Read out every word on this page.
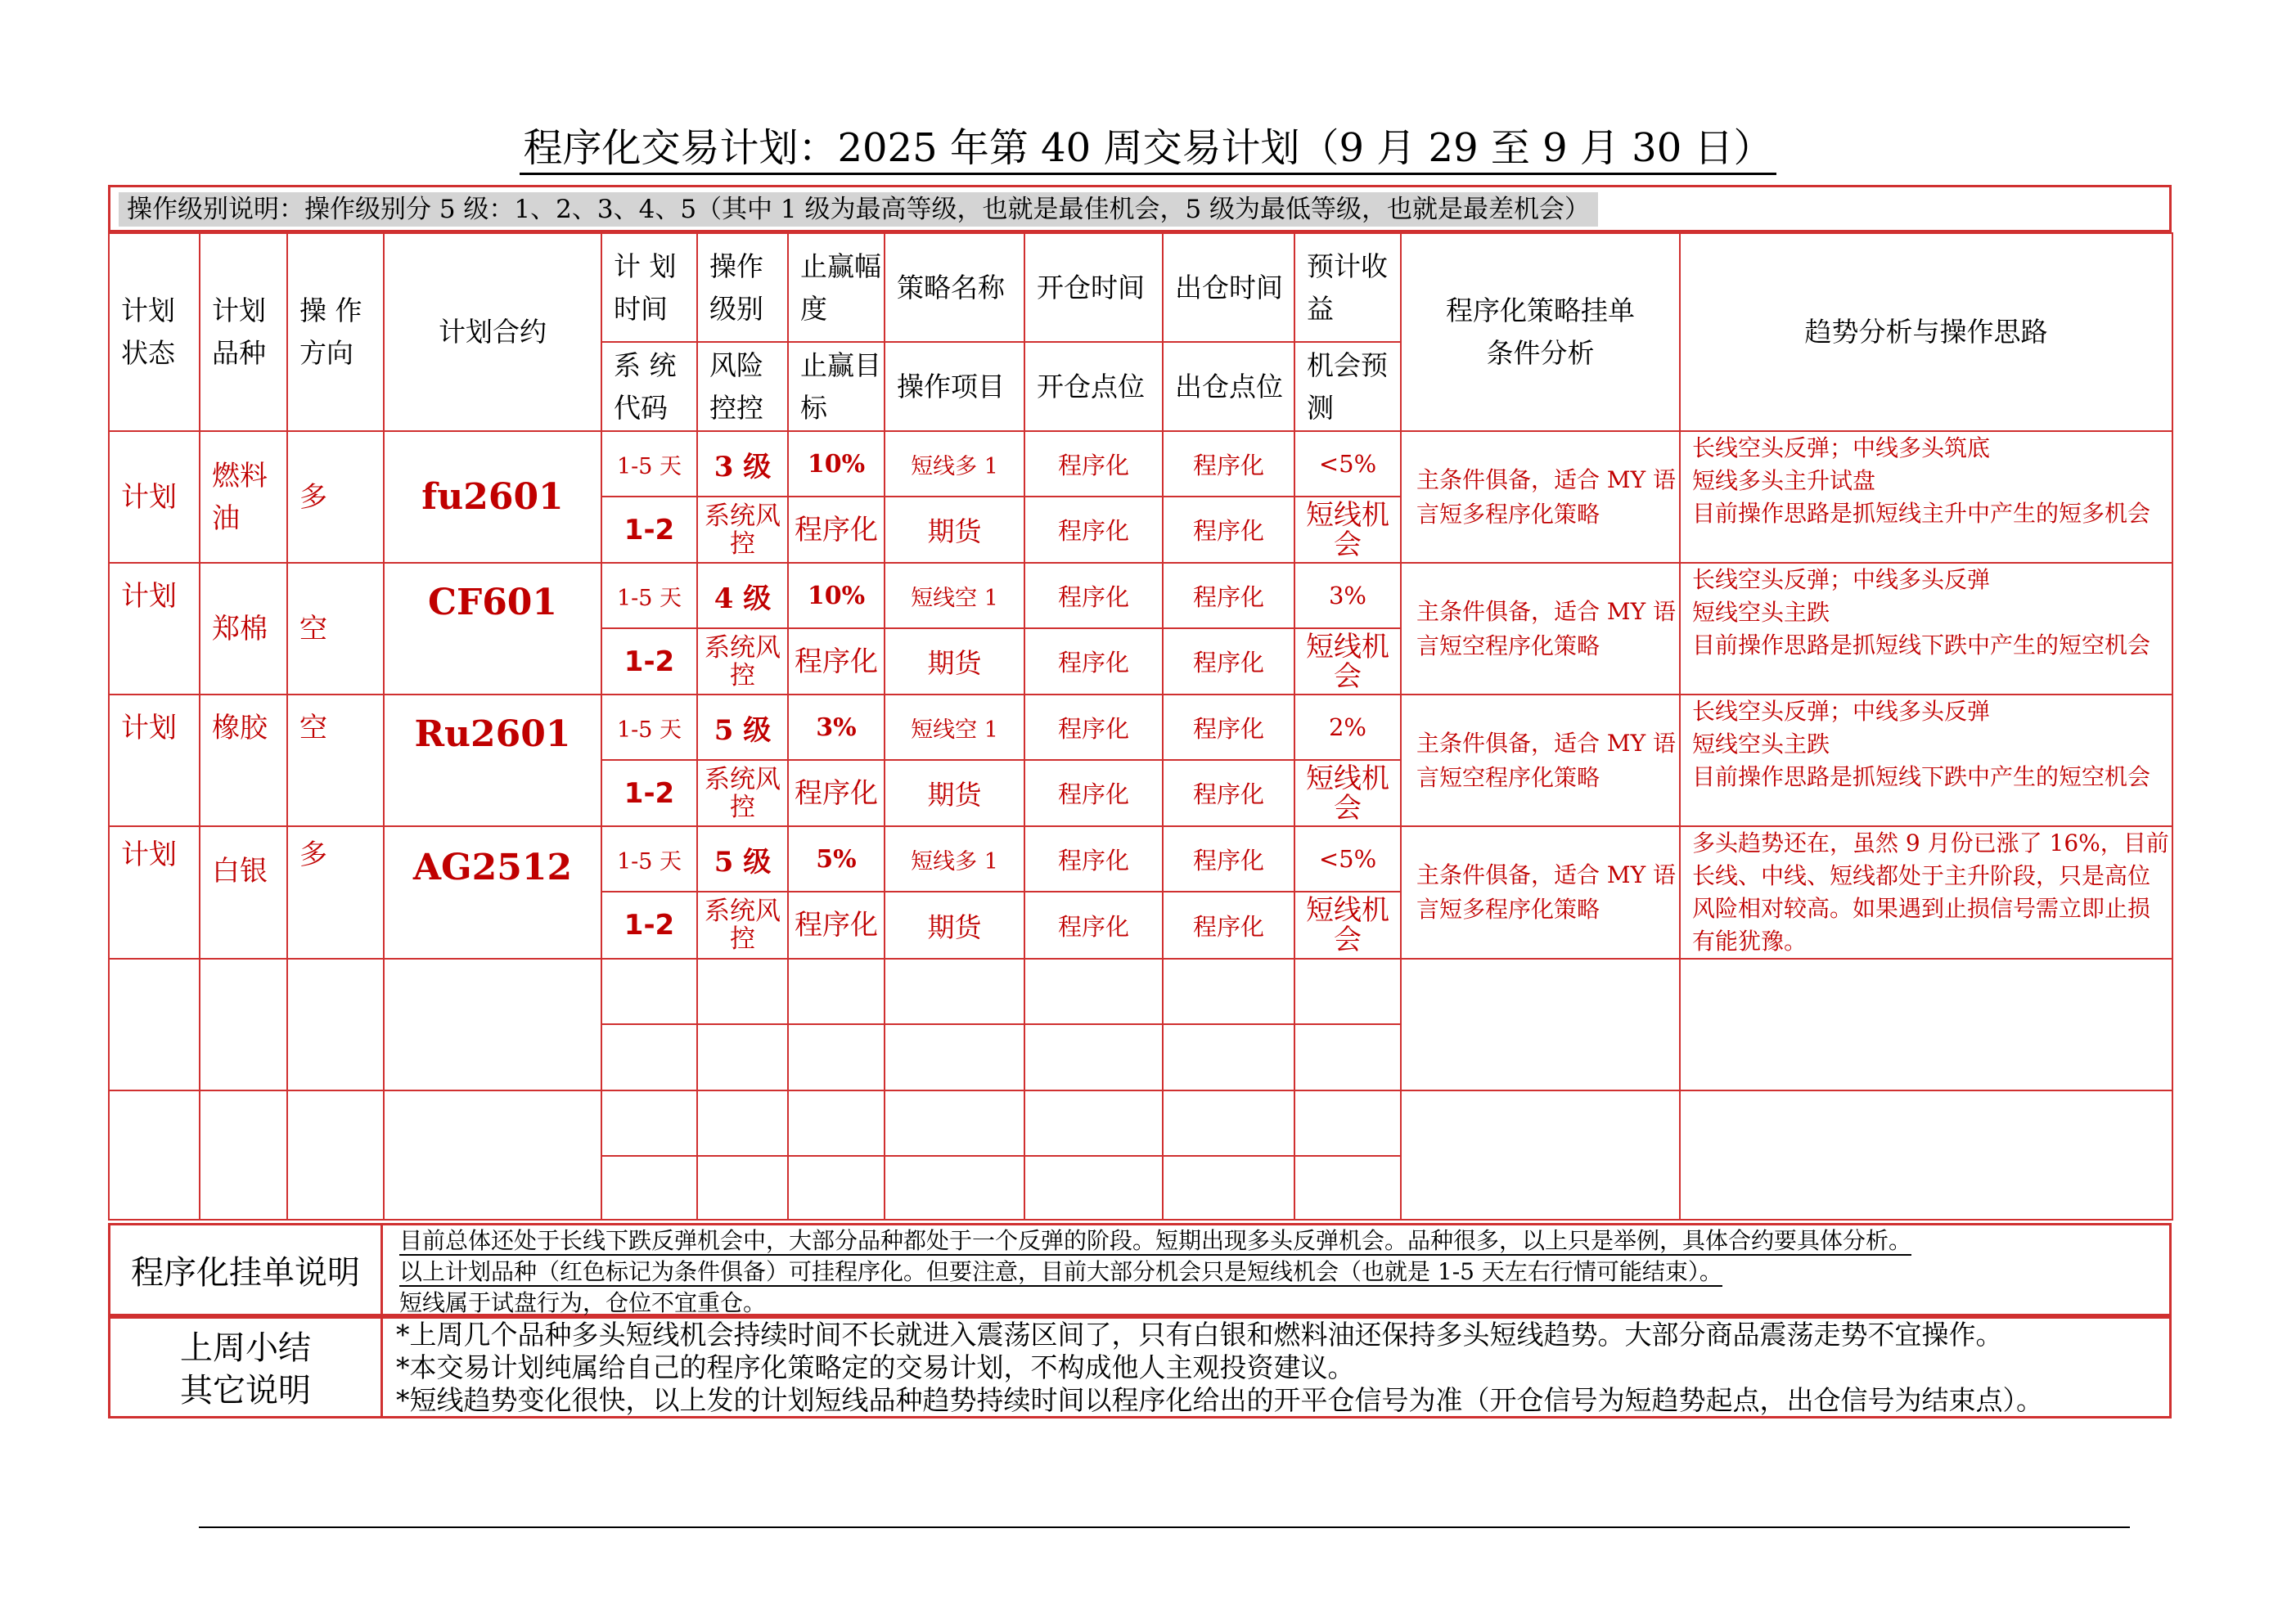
程序化交易计划：2025 年第 40 周交易计划（9 月 29 至 9 月 30 日）
操作级别说明：操作级别分 5 级：1、2、3、4、5（其中 1 级为最高等级，也就是最佳机会，5 级为最低等级，也就是最差机会）
计划状态	计划品种	操 作方向	计划合约	计 划时间	操作级别	止赢幅度	策略名称	开仓时间	出仓时间	预计收益	程序化策略挂单条件分析	趋势分析与操作思路
				系 统代码	风险控控	止赢目标	操作项目	开仓点位	出仓点位	机会预测		
计划	燃料油	多	fu2601	1-5 天	3 级	10%	短线多 1	程序化	程序化	<5%	主条件俱备，适合 MY 语言短多程序化策略	长线空头反弹；中线多头筑底
短线多头主升试盘
目前操作思路是抓短线主升中产生的短多机会
				1-2	系统风控	程序化	期货	程序化	程序化	短线机会		
计划	郑棉	空	CF601	1-5 天	4 级	10%	短线空 1	程序化	程序化	3%	主条件俱备，适合 MY 语言短空程序化策略	长线空头反弹；中线多头反弹
短线空头主跌
目前操作思路是抓短线下跌中产生的短空机会
				1-2	系统风控	程序化	期货	程序化	程序化	短线机会		
计划	橡胶	空	Ru2601	1-5 天	5 级	3%	短线空 1	程序化	程序化	2%	主条件俱备，适合 MY 语言短空程序化策略	长线空头反弹；中线多头反弹
短线空头主跌
目前操作思路是抓短线下跌中产生的短空机会
				1-2	系统风控	程序化	期货	程序化	程序化	短线机会		
计划	白银	多	AG2512	1-5 天	5 级	5%	短线多 1	程序化	程序化	<5%	主条件俱备，适合 MY 语言短多程序化策略	多头趋势还在，虽然 9 月份已涨了 16%，目前长线、中线、短线都处于主升阶段，只是高位风险相对较高。如果遇到止损信号需立即止损有能犹豫。
				1-2	系统风控	程序化	期货	程序化	程序化	短线机会		

程序化挂单说明
目前总体还处于长线下跌反弹机会中，大部分品种都处于一个反弹的阶段。短期出现多头反弹机会。品种很多，以上只是举例，具体合约要具体分析。
以上计划品种（红色标记为条件俱备）可挂程序化。但要注意，目前大部分机会只是短线机会（也就是 1-5 天左右行情可能结束）。
短线属于试盘行为，仓位不宜重仓。
上周小结
其它说明
*上周几个品种多头短线机会持续时间不长就进入震荡区间了，只有白银和燃料油还保持多头短线趋势。大部分商品震荡走势不宜操作。
*本交易计划纯属给自己的程序化策略定的交易计划，不构成他人主观投资建议。
*短线趋势变化很快，以上发的计划短线品种趋势持续时间以程序化给出的开平仓信号为准（开仓信号为短趋势起点，出仓信号为结束点）。
